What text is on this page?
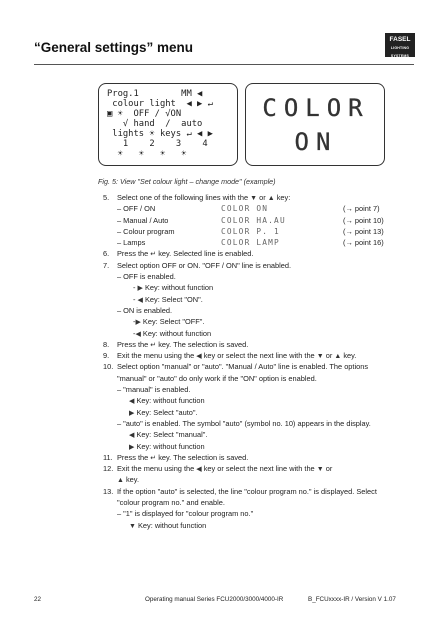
“General settings” menu
FASEL
LIGHTING SYSTEMS
Prog.1        MM ◀
colour light  ◀ ▶ ↵
▣ ☀  OFF / √ON
√ hand  /  auto
lights ☀ keys ↵ ◀ ▶
1    2    3    4
☀   ☀   ☀   ☀
COLOR
ON
Fig. 5: View "Set colour light – change mode" (example)
5. Select one of the following lines with the ▼ or ▲ key:
– OFF / ON	COLOR ON	(→ point 7)
– Manual / Auto	COLOR HA.AU	(→ point 10)
– Colour program	COLOR P. 1	(→ point 13)
– Lamps	COLOR LAMP	(→ point 16)
6. Press the ↵ key. Selected line is enabled.
7. Select option OFF or ON. "OFF / ON" line is enabled.
– OFF is enabled.
- ▶ Key: without function
- ◀ Key: Select "ON".
– ON is enabled.
-▶ Key: Select "OFF".
-◀ Key: without function
8. Press the ↵ key. The selection is saved.
9. Exit the menu using the ◀ key or select the next line with the ▼ or ▲ key.
10. Select option "manual" or "auto". "Manual / Auto" line is enabled. The options
"manual" or "auto" do only work if the "ON" option is enabled.
– "manual" is enabled.
◀ Key: without function
▶ Key: Select "auto".
– "auto" is enabled. The symbol "auto" (symbol no. 10) appears in the display.
◀ Key: Select "manual".
▶ Key: without function
11. Press the ↵ key. The selection is saved.
12. Exit the menu using the ◀ key or select the next line with the ▼ or
▲ key.
13. If the option "auto" is selected, the line "colour program no." is displayed. Select
"colour program no." and enable.
– "1" is displayed for "colour program no."
▼ Key: without function
22	Operating manual Series FCU2000/3000/4000-IR	B_FCUxxxx-IR / Version V 1.07
